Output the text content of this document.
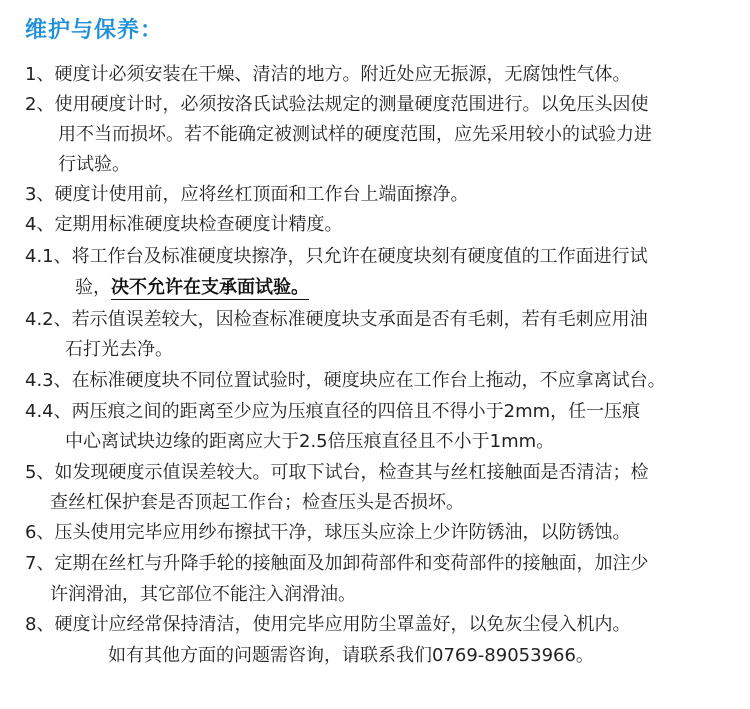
维护与保养：
1、硬度计必须安装在干燥、清洁的地方。附近处应无振源，无腐蚀性气体。
2、使用硬度计时，必须按洛氏试验法规定的测量硬度范围进行。以免压头因使
用不当而损坏。若不能确定被测试样的硬度范围，应先采用较小的试验力进
行试验。
3、硬度计使用前，应将丝杠顶面和工作台上端面擦净。
4、定期用标准硬度块检查硬度计精度。
4.1、将工作台及标准硬度块擦净，只允许在硬度块刻有硬度值的工作面进行试
验，决不允许在支承面试验。
4.2、若示值误差较大，因检查标准硬度块支承面是否有毛刺，若有毛刺应用油
石打光去净。
4.3、在标准硬度块不同位置试验时，硬度块应在工作台上拖动，不应拿离试台。
4.4、两压痕之间的距离至少应为压痕直径的四倍且不得小于2mm，任一压痕
中心离试块边缘的距离应大于2.5倍压痕直径且不小于1mm。
5、如发现硬度示值误差较大。可取下试台，检查其与丝杠接触面是否清洁；检
查丝杠保护套是否顶起工作台；检查压头是否损坏。
6、压头使用完毕应用纱布擦拭干净，球压头应涂上少许防锈油，以防锈蚀。
7、定期在丝杠与升降手轮的接触面及加卸荷部件和变荷部件的接触面，加注少
许润滑油，其它部位不能注入润滑油。
8、硬度计应经常保持清洁，使用完毕应用防尘罩盖好，以免灰尘侵入机内。
如有其他方面的问题需咨询，请联系我们0769-89053966。
